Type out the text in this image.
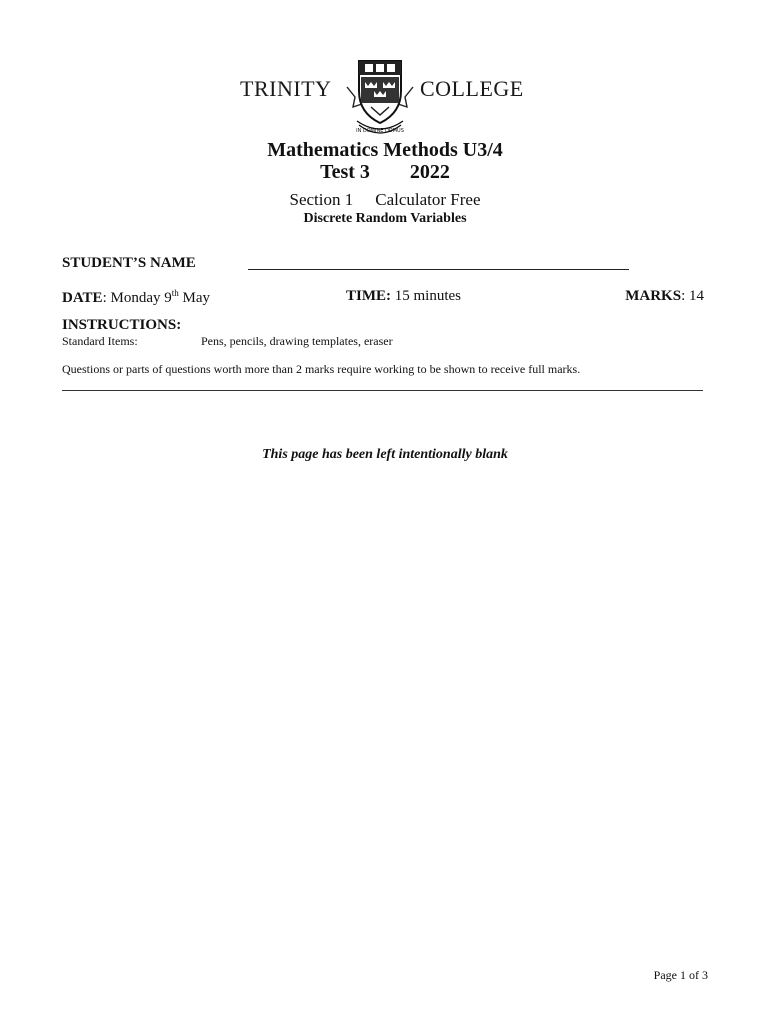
TRINITY
IN DOMINE DOMUS
COLLEGE
Mathematics Methods U3/4
Test 3 2022
Section 1 Calculator Free
Discrete Random Variables
STUDENT’S NAME
DATE: Monday 9th May	TIME: 15 minutes	MARKS: 14
INSTRUCTIONS:
Standard Items:	Pens, pencils, drawing templates, eraser
Questions or parts of questions worth more than 2 marks require working to be shown to receive full marks.
This page has been left intentionally blank
Page 1 of 3
